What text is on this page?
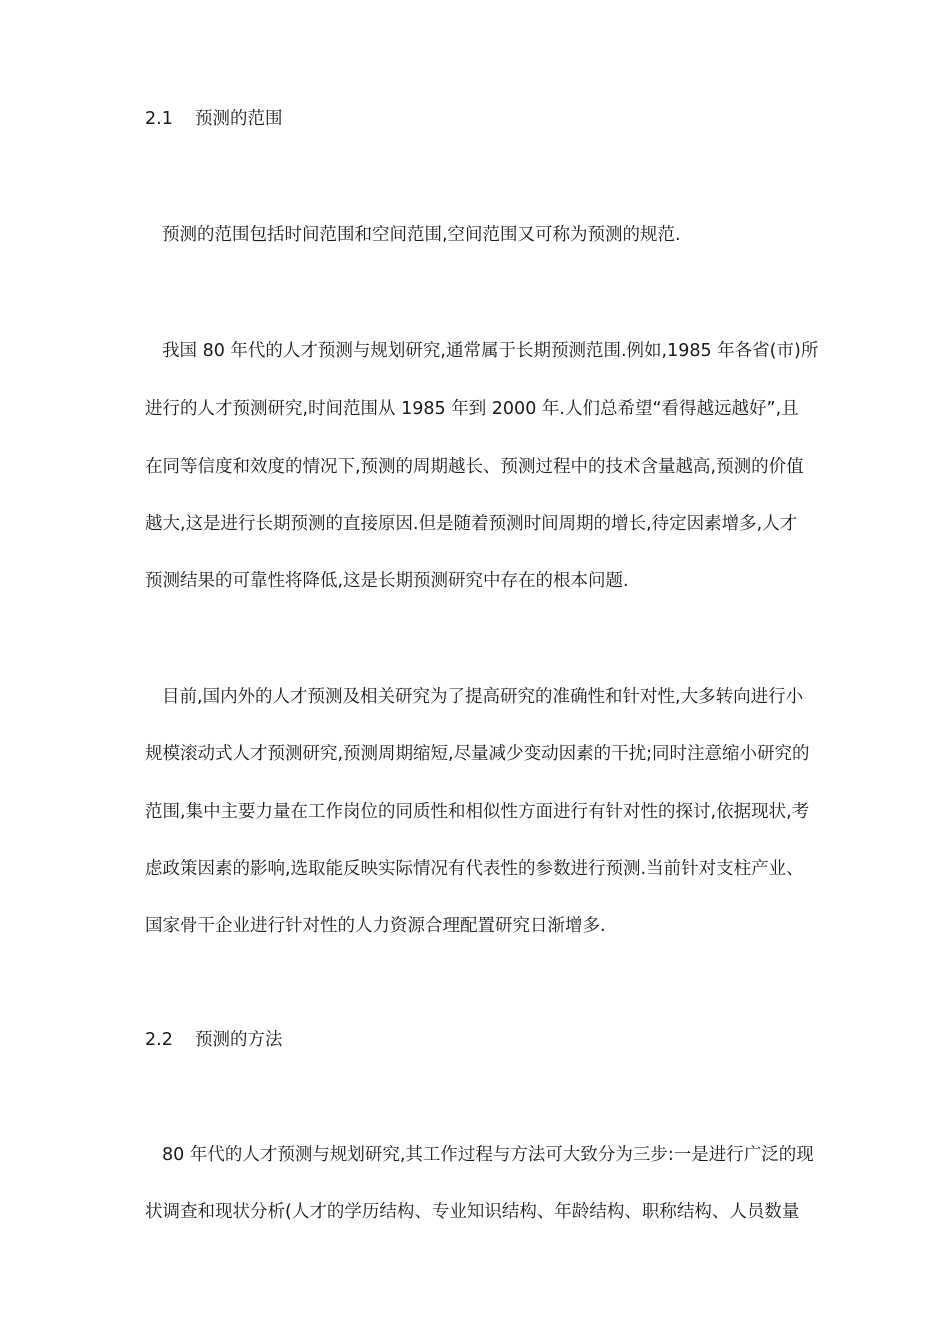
2.1 预测的范围
预测的范围包括时间范围和空间范围,空间范围又可称为预测的规范.
我国 80 年代的人才预测与规划研究,通常属于长期预测范围.例如,1985 年各省(市)所
进行的人才预测研究,时间范围从 1985 年到 2000 年.人们总希望“看得越远越好”,且
在同等信度和效度的情况下,预测的周期越长、预测过程中的技术含量越高,预测的价值
越大,这是进行长期预测的直接原因.但是随着预测时间周期的增长,待定因素增多,人才
预测结果的可靠性将降低,这是长期预测研究中存在的根本问题.
目前,国内外的人才预测及相关研究为了提高研究的准确性和针对性,大多转向进行小
规模滚动式人才预测研究,预测周期缩短,尽量减少变动因素的干扰;同时注意缩小研究的
范围,集中主要力量在工作岗位的同质性和相似性方面进行有针对性的探讨,依据现状,考
虑政策因素的影响,选取能反映实际情况有代表性的参数进行预测.当前针对支柱产业、
国家骨干企业进行针对性的人力资源合理配置研究日渐增多.
2.2 预测的方法
80 年代的人才预测与规划研究,其工作过程与方法可大致分为三步:一是进行广泛的现
状调查和现状分析(人才的学历结构、专业知识结构、年龄结构、职称结构、人员数量
